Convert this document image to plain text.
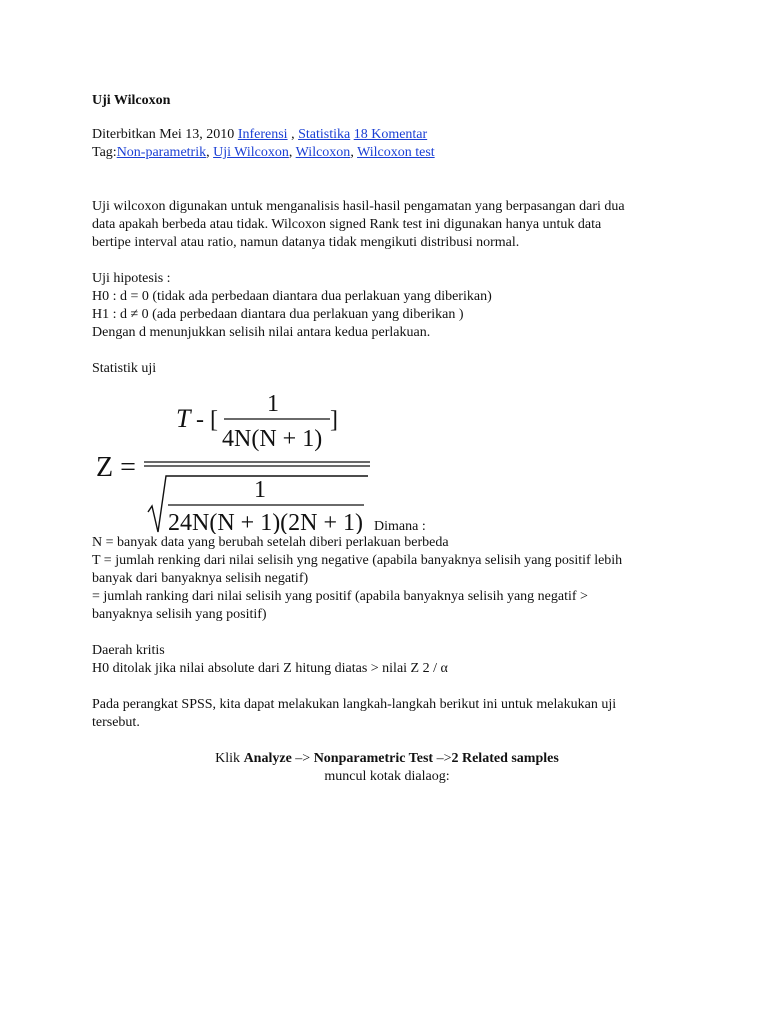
Uji Wilcoxon

Diterbitkan Mei 13, 2010 Inferensi , Statistika 18 Komentar
Tag:Non-parametrik, Uji Wilcoxon, Wilcoxon, Wilcoxon test

Uji wilcoxon digunakan untuk menganalisis hasil-hasil pengamatan yang berpasangan dari dua

data apakah berbeda atau tidak. Wilcoxon signed Rank test ini digunakan hanya untuk data

bertipe interval atau ratio, namun datanya tidak mengikuti distribusi normal.

Uji hipotesis :

H0 : d = 0 (tidak ada perbedaan diantara dua perlakuan yang diberikan)

H1 : d ≠ 0 (ada perbedaan diantara dua perlakuan yang diberikan )

Dengan d menunjukkan selisih nilai antara kedua perlakuan.

Statistik uji

Z =
T - [
1
4N(N + 1)
]
1
24N(N + 1)(2N + 1) Dimana :

N = banyak data yang berubah setelah diberi perlakuan berbeda

T = jumlah renking dari nilai selisih yng negative (apabila banyaknya selisih yang positif lebih

banyak dari banyaknya selisih negatif)

= jumlah ranking dari nilai selisih yang positif (apabila banyaknya selisih yang negatif >

banyaknya selisih yang positif)

Daerah kritis

H0 ditolak jika nilai absolute dari Z hitung diatas > nilai Z 2 / α

Pada perangkat SPSS, kita dapat melakukan langkah-langkah berikut ini untuk melakukan uji

tersebut.

Klik Analyze –> Nonparametric Test –>2 Related samples

muncul kotak dialaog:
